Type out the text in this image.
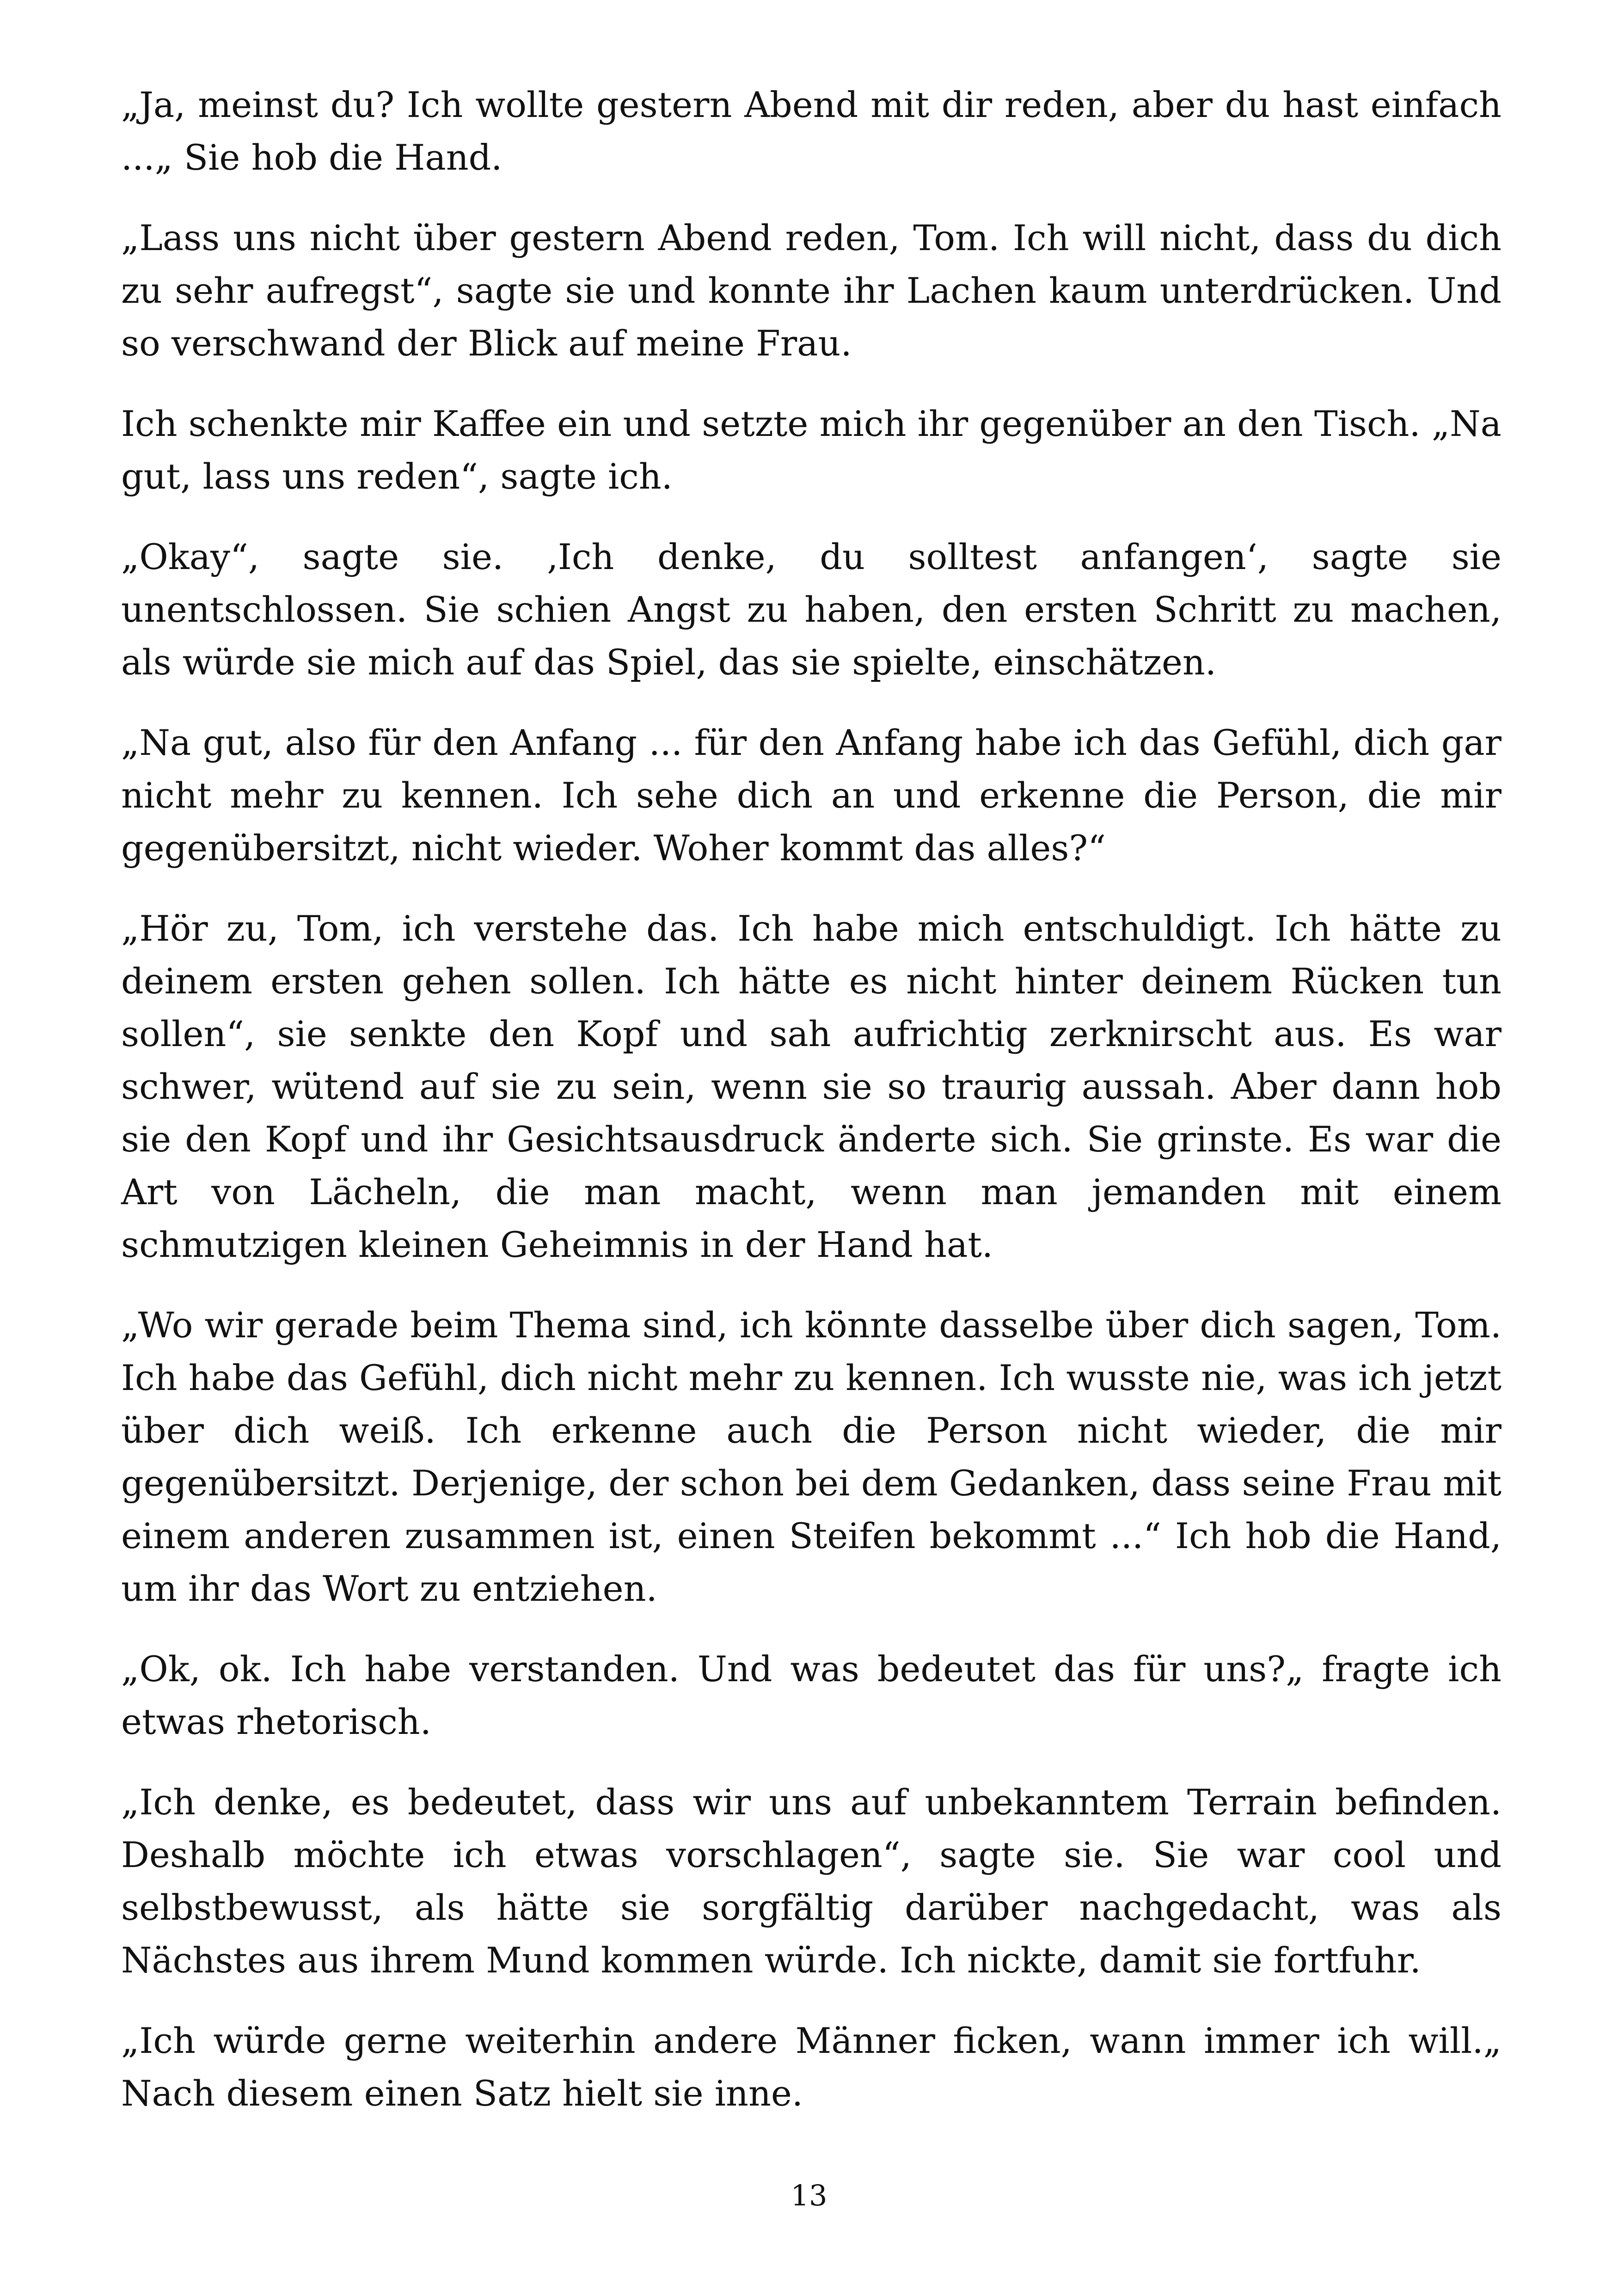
„Ja, meinst du? Ich wollte gestern Abend mit dir reden, aber du hast einfach ...„ Sie hob die Hand.

„Lass uns nicht über gestern Abend reden, Tom. Ich will nicht, dass du dich zu sehr aufregst“, sagte sie und konnte ihr Lachen kaum unterdrücken. Und so verschwand der Blick auf meine Frau.

Ich schenkte mir Kaffee ein und setzte mich ihr gegenüber an den Tisch. „Na gut, lass uns reden“, sagte ich.

„Okay“, sagte sie. ‚Ich denke, du solltest anfangen‘, sagte sie unentschlossen. Sie schien Angst zu haben, den ersten Schritt zu machen, als würde sie mich auf das Spiel, das sie spielte, einschätzen.

„Na gut, also für den Anfang ... für den Anfang habe ich das Gefühl, dich gar nicht mehr zu kennen. Ich sehe dich an und erkenne die Person, die mir gegenübersitzt, nicht wieder. Woher kommt das alles?“

„Hör zu, Tom, ich verstehe das. Ich habe mich entschuldigt. Ich hätte zu deinem ersten gehen sollen. Ich hätte es nicht hinter deinem Rücken tun sollen“, sie senkte den Kopf und sah aufrichtig zerknirscht aus. Es war schwer, wütend auf sie zu sein, wenn sie so traurig aussah. Aber dann hob sie den Kopf und ihr Gesichtsausdruck änderte sich. Sie grinste. Es war die Art von Lächeln, die man macht, wenn man jemanden mit einem schmutzigen kleinen Geheimnis in der Hand hat.

„Wo wir gerade beim Thema sind, ich könnte dasselbe über dich sagen, Tom. Ich habe das Gefühl, dich nicht mehr zu kennen. Ich wusste nie, was ich jetzt über dich weiß. Ich erkenne auch die Person nicht wieder, die mir gegenübersitzt. Derjenige, der schon bei dem Gedanken, dass seine Frau mit einem anderen zusammen ist, einen Steifen bekommt ...“ Ich hob die Hand, um ihr das Wort zu entziehen.

„Ok, ok. Ich habe verstanden. Und was bedeutet das für uns?„ fragte ich etwas rhetorisch.

„Ich denke, es bedeutet, dass wir uns auf unbekanntem Terrain befinden. Deshalb möchte ich etwas vorschlagen“, sagte sie. Sie war cool und selbstbewusst, als hätte sie sorgfältig darüber nachgedacht, was als Nächstes aus ihrem Mund kommen würde. Ich nickte, damit sie fortfuhr.

„Ich würde gerne weiterhin andere Männer ficken, wann immer ich will.„ Nach diesem einen Satz hielt sie inne.

13
